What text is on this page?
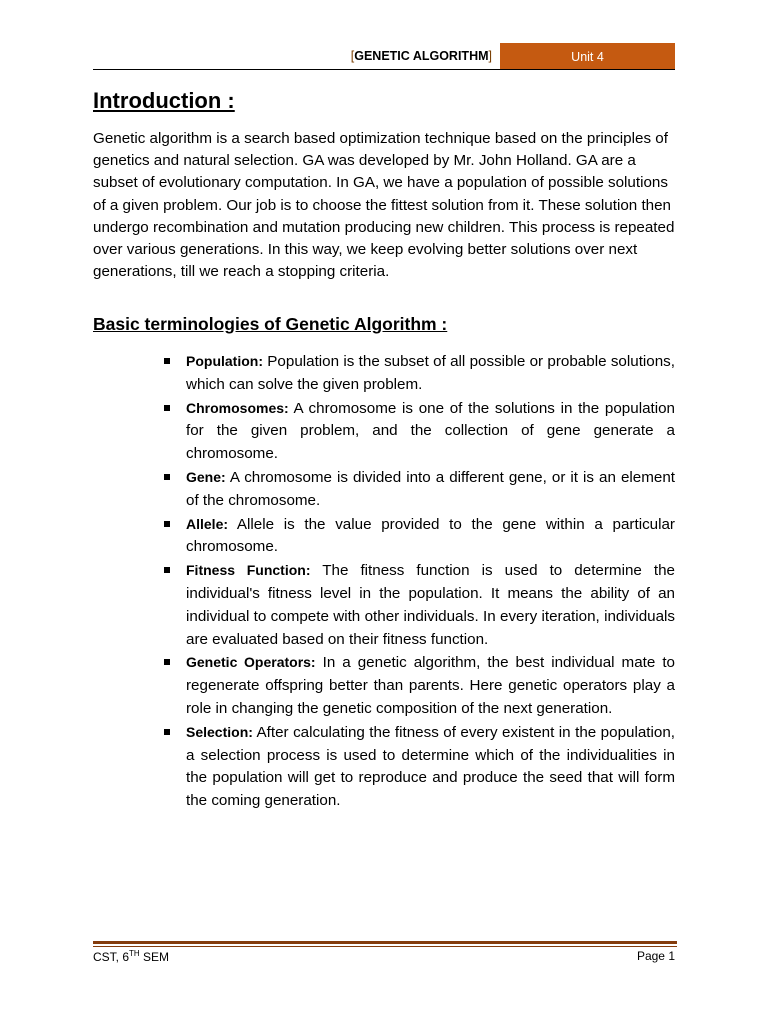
[GENETIC ALGORITHM]	Unit 4
Introduction :

Genetic algorithm is a search based optimization technique based on the principles of genetics and natural selection. GA was developed by Mr. John Holland. GA are a subset of evolutionary computation. In GA, we have a population of possible solutions of a given problem. Our job is to choose the fittest solution from it. These solution then undergo recombination and mutation producing new children. This process is repeated over various generations. In this way, we keep evolving better solutions over next generations, till we reach a stopping criteria.

Basic terminologies of Genetic Algorithm :
Population: Population is the subset of all possible or probable solutions, which can solve the given problem.
Chromosomes: A chromosome is one of the solutions in the population for the given problem, and the collection of gene generate a chromosome.
Gene: A chromosome is divided into a different gene, or it is an element of the chromosome.
Allele: Allele is the value provided to the gene within a particular chromosome.
Fitness Function: The fitness function is used to determine the individual's fitness level in the population. It means the ability of an individual to compete with other individuals. In every iteration, individuals are evaluated based on their fitness function.
Genetic Operators: In a genetic algorithm, the best individual mate to regenerate offspring better than parents. Here genetic operators play a role in changing the genetic composition of the next generation.
Selection: After calculating the fitness of every existent in the population, a selection process is used to determine which of the individualities in the population will get to reproduce and produce the seed that will form the coming generation.
CST, 6TH SEM	Page 1
